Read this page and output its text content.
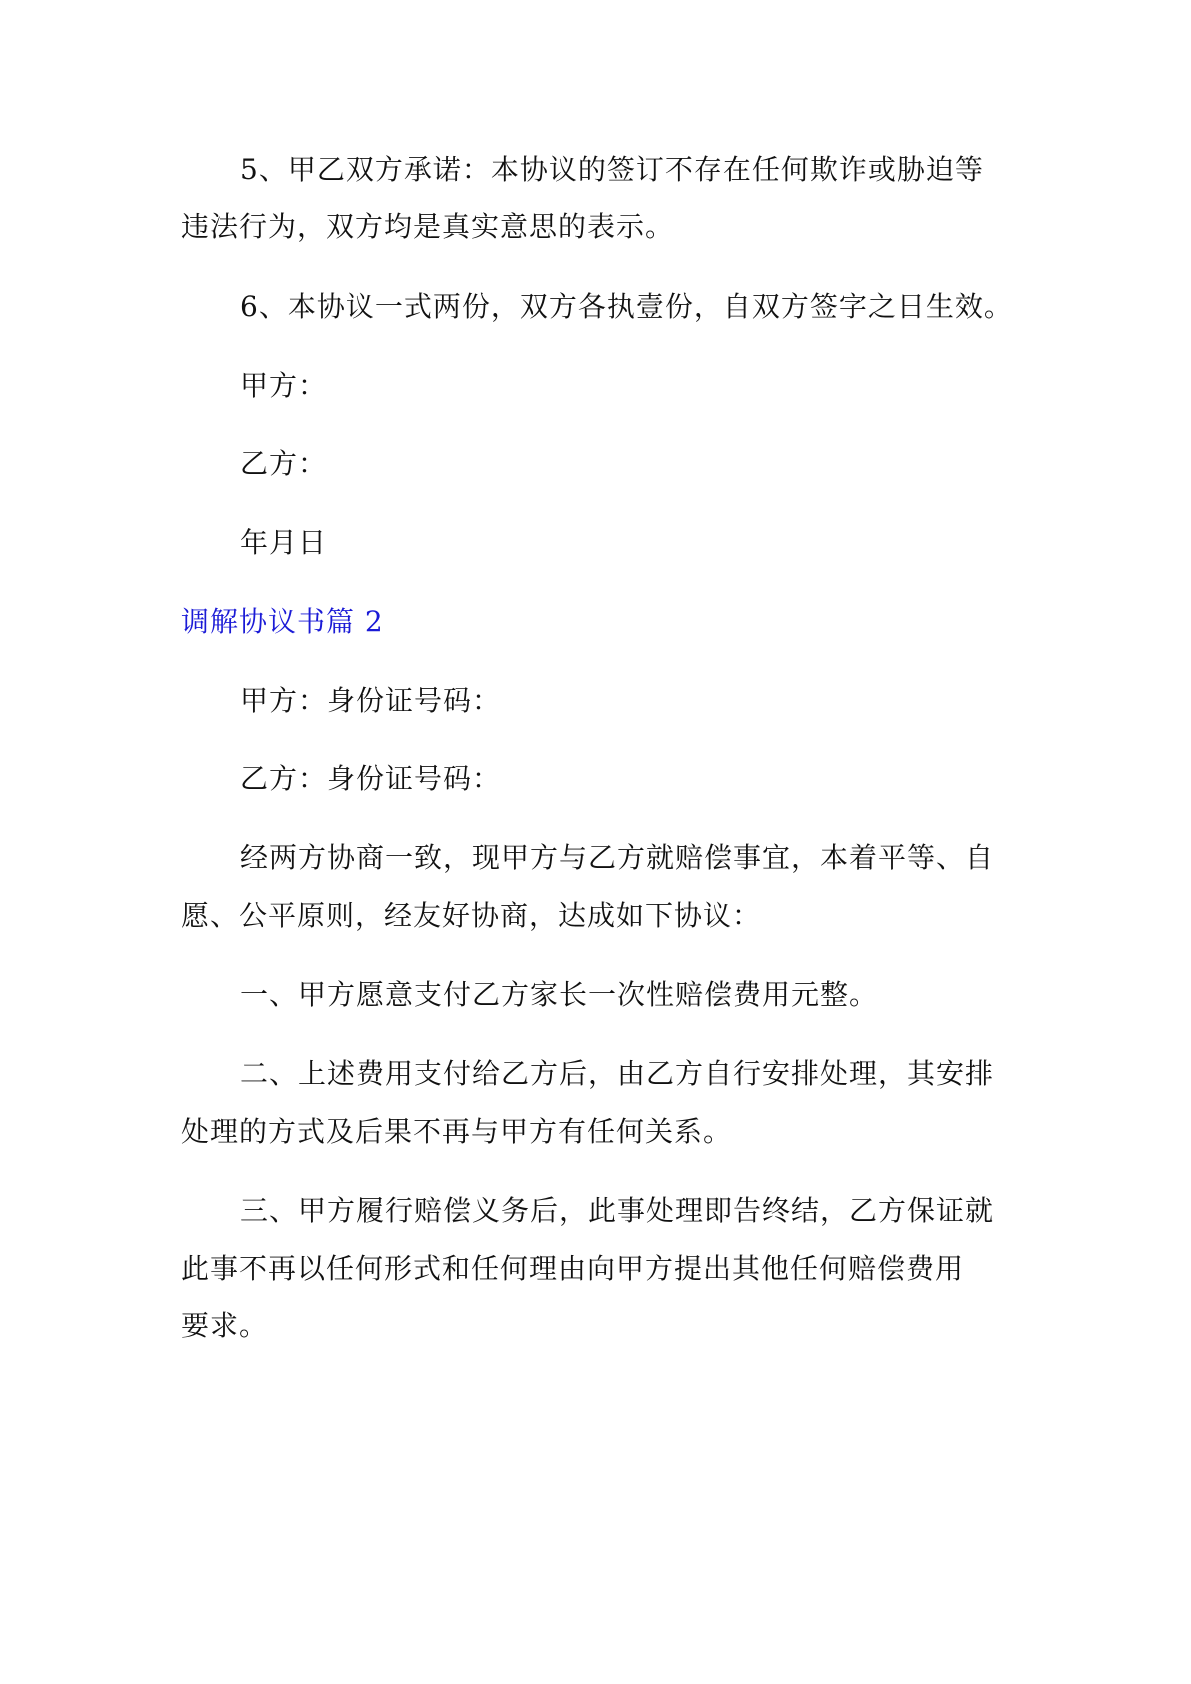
5、甲乙双方承诺：本协议的签订不存在任何欺诈或胁迫等
违法行为，双方均是真实意思的表示。
6、本协议一式两份，双方各执壹份，自双方签字之日生效。
甲方：
乙方：
年月日
调解协议书篇 2
甲方：身份证号码：
乙方：身份证号码：
经两方协商一致，现甲方与乙方就赔偿事宜，本着平等、自
愿、公平原则，经友好协商，达成如下协议：
一、甲方愿意支付乙方家长一次性赔偿费用元整。
二、上述费用支付给乙方后，由乙方自行安排处理，其安排
处理的方式及后果不再与甲方有任何关系。
三、甲方履行赔偿义务后，此事处理即告终结，乙方保证就
此事不再以任何形式和任何理由向甲方提出其他任何赔偿费用
要求。
